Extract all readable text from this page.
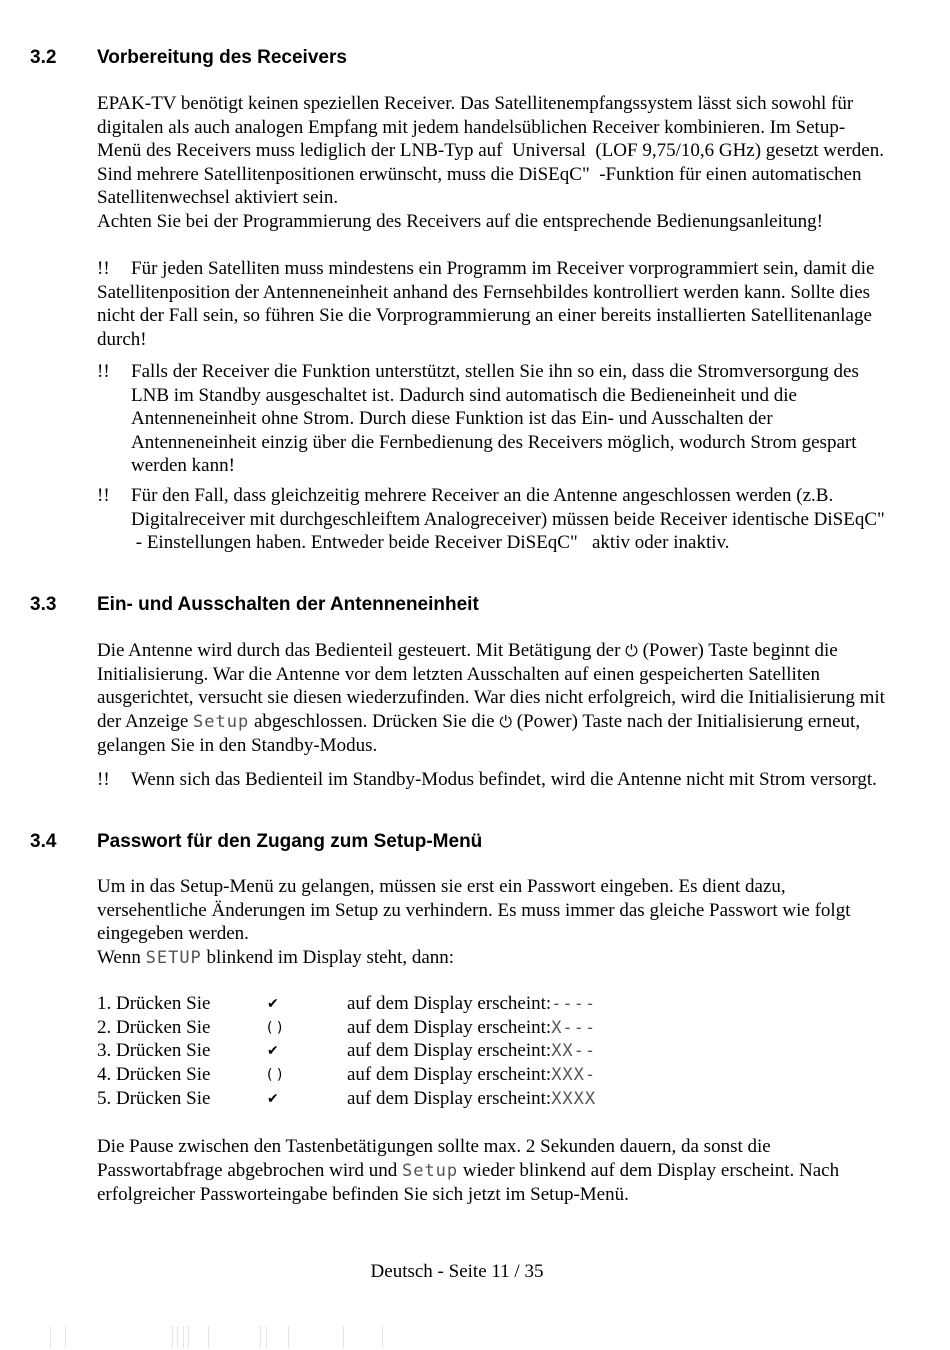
3.2	Vorbereitung des Receivers

EPAK-TV benötigt keinen speziellen Receiver. Das Satellitenempfangssystem lässt sich sowohl für digitalen als auch analogen Empfang mit jedem handelsüblichen Receiver kombinieren. Im Setup-Menü des Receivers muss lediglich der LNB-Typ auf  Universal  (LOF 9,75/10,6 GHz) gesetzt werden. Sind mehrere Satellitenpositionen erwünscht, muss die DiSEqC"  -Funktion für einen automatischen Satellitenwechsel aktiviert sein.

Achten Sie bei der Programmierung des Receivers auf die entsprechende Bedienungsanleitung!

!!	Für jeden Satelliten muss mindestens ein Programm im Receiver vorprogrammiert sein, damit die Satellitenposition der Antenneneinheit anhand des Fernsehbildes kontrolliert werden kann. Sollte dies nicht der Fall sein, so führen Sie die Vorprogrammierung an einer bereits installierten Satellitenanlage durch!
!!	Falls der Receiver die Funktion unterstützt, stellen Sie ihn so ein, dass die Stromversorgung des LNB im Standby ausgeschaltet ist. Dadurch sind automatisch die Bedieneinheit und die Antenneneinheit ohne Strom. Durch diese Funktion ist das Ein- und Ausschalten der Antenneneinheit einzig über die Fernbedienung des Receivers möglich, wodurch Strom gespart werden kann!
!!	Für den Fall, dass gleichzeitig mehrere Receiver an die Antenne angeschlossen werden (z.B. Digitalreceiver mit durchgeschleiftem Analogreceiver) müssen beide Receiver identische DiSEqC"  - Einstellungen haben. Entweder beide Receiver DiSEqC"   aktiv oder inaktiv.
3.3	Ein- und Ausschalten der Antenneneinheit

Die Antenne wird durch das Bedienteil gesteuert. Mit Betätigung der ⏻ (Power) Taste beginnt die Initialisierung. War die Antenne vor dem letzten Ausschalten auf einen gespeicherten Satelliten ausgerichtet, versucht sie diesen wiederzufinden. War dies nicht erfolgreich, wird die Initialisierung mit der Anzeige Setup abgeschlossen. Drücken Sie die ⏻ (Power) Taste nach der Initialisierung erneut, gelangen Sie in den Standby-Modus.

!!	Wenn sich das Bedienteil im Standby-Modus befindet, wird die Antenne nicht mit Strom versorgt.
3.4	Passwort für den Zugang zum Setup-Menü

Um in das Setup-Menü zu gelangen, müssen sie erst ein Passwort eingeben. Es dient dazu, versehentliche Änderungen im Setup zu verhindern. Es muss immer das gleiche Passwort wie folgt eingegeben werden.

Wenn SETUP blinkend im Display steht, dann:

1. Drücken Sie	✔	auf dem Display erscheint: ----
2. Drücken Sie	( )	auf dem Display erscheint: X---
3. Drücken Sie	✔	auf dem Display erscheint: XX--
4. Drücken Sie	( )	auf dem Display erscheint: XXX-
5. Drücken Sie	✔	auf dem Display erscheint: XXXX

Die Pause zwischen den Tastenbetätigungen sollte max. 2 Sekunden dauern, da sonst die Passwortabfrage abgebrochen wird und Setup wieder blinkend auf dem Display erscheint. Nach erfolgreicher Passworteingabe befinden Sie sich jetzt im Setup-Menü.

Deutsch - Seite 11 / 35
